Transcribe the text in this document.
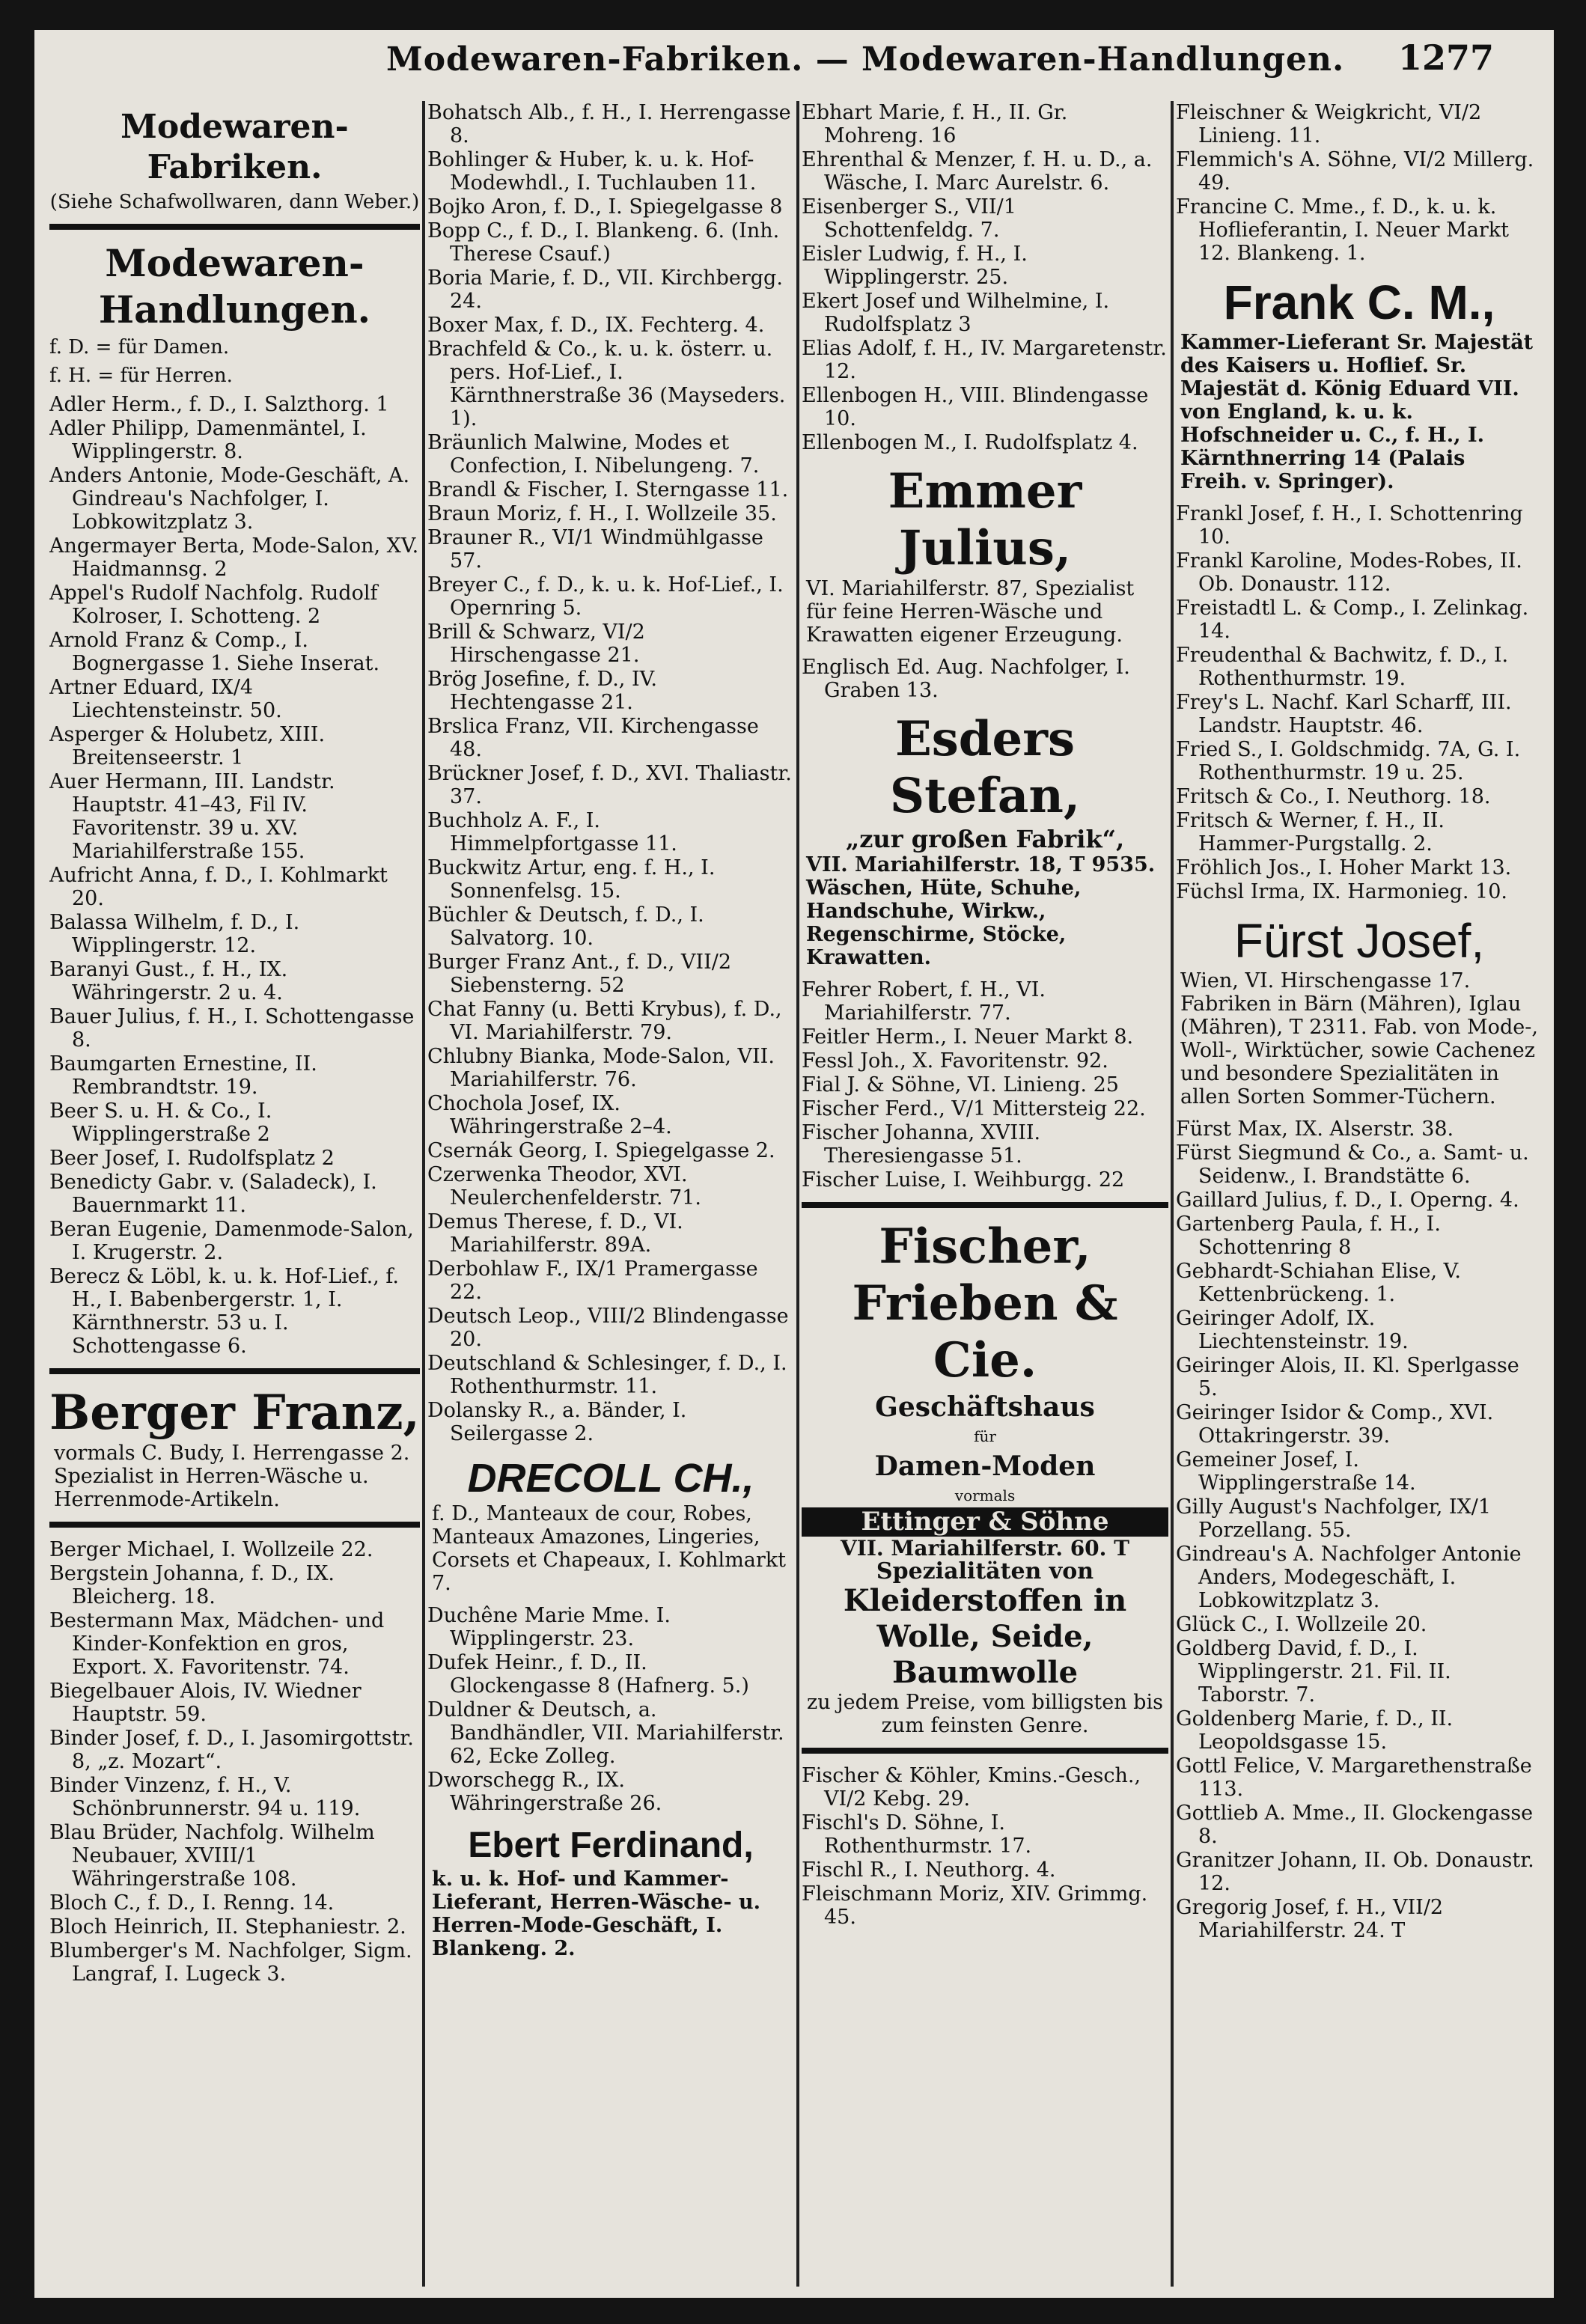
Modewaren-Fabriken. — Modewaren-Handlungen. 1277
Modewaren-Fabriken.
(Siehe Schafwollwaren, dann Weber.)
Modewaren-Handlungen.
f. D. = für Damen.
f. H. = für Herren.
Adler Herm., f. D., I. Salzthorg. 1
Adler Philipp, Damenmäntel, I. Wipplingerstr. 8.
Anders Antonie, Mode-Geschäft, A. Gindreau's Nachfolger, I. Lobkowitzplatz 3.
Angermayer Berta, Mode-Salon, XV. Haidmannsg. 2
Appel's Rudolf Nachfolg. Rudolf Kolroser, I. Schotteng. 2
Arnold Franz & Comp., I. Bognergasse 1. Siehe Inserat.
Artner Eduard, IX/4 Liechtensteinstr. 50.
Asperger & Holubetz, XIII. Breitenseerstr. 1
Auer Hermann, III. Landstr. Hauptstr. 41–43, Fil IV. Favoritenstr. 39 u. XV. Mariahilferstraße 155.
Aufricht Anna, f. D., I. Kohlmarkt 20.
Balassa Wilhelm, f. D., I. Wipplingerstr. 12.
Baranyi Gust., f. H., IX. Währingerstr. 2 u. 4.
Bauer Julius, f. H., I. Schottengasse 8.
Baumgarten Ernestine, II. Rembrandtstr. 19.
Beer S. u. H. & Co., I. Wipplingerstraße 2
Beer Josef, I. Rudolfsplatz 2
Benedicty Gabr. v. (Saladeck), I. Bauernmarkt 11.
Beran Eugenie, Damenmode-Salon, I. Krugerstr. 2.
Berecz & Löbl, k. u. k. Hof-Lief., f. H., I. Babenbergerstr. 1, I. Kärnthnerstr. 53 u. I. Schottengasse 6.
Berger Franz,
vormals C. Budy, I. Herrengasse 2. Spezialist in Herren-Wäsche u. Herrenmode-Artikeln.
Berger Michael, I. Wollzeile 22.
Bergstein Johanna, f. D., IX. Bleicherg. 18.
Bestermann Max, Mädchen- und Kinder-Konfektion en gros, Export. X. Favoritenstr. 74.
Biegelbauer Alois, IV. Wiedner Hauptstr. 59.
Binder Josef, f. D., I. Jasomirgottstr. 8, „z. Mozart“.
Binder Vinzenz, f. H., V. Schönbrunnerstr. 94 u. 119.
Blau Brüder, Nachfolg. Wilhelm Neubauer, XVIII/1 Währingerstraße 108.
Bloch C., f. D., I. Renng. 14.
Bloch Heinrich, II. Stephaniestr. 2.
Blumberger's M. Nachfolger, Sigm. Langraf, I. Lugeck 3.
Bohatsch Alb., f. H., I. Herrengasse 8.
Bohlinger & Huber, k. u. k. Hof-Modewhdl., I. Tuchlauben 11.
Bojko Aron, f. D., I. Spiegelgasse 8
Bopp C., f. D., I. Blankeng. 6. (Inh. Therese Csauf.)
Boria Marie, f. D., VII. Kirchbergg. 24.
Boxer Max, f. D., IX. Fechterg. 4.
Brachfeld & Co., k. u. k. österr. u. pers. Hof-Lief., I. Kärnthnerstraße 36 (Mayseders. 1).
Bräunlich Malwine, Modes et Confection, I. Nibelungeng. 7.
Brandl & Fischer, I. Sterngasse 11.
Braun Moriz, f. H., I. Wollzeile 35.
Brauner R., VI/1 Windmühlgasse 57.
Breyer C., f. D., k. u. k. Hof-Lief., I. Opernring 5.
Brill & Schwarz, VI/2 Hirschengasse 21.
Brög Josefine, f. D., IV. Hechtengasse 21.
Brslica Franz, VII. Kirchengasse 48.
Brückner Josef, f. D., XVI. Thaliastr. 37.
Buchholz A. F., I. Himmelpfortgasse 11.
Buckwitz Artur, eng. f. H., I. Sonnenfelsg. 15.
Büchler & Deutsch, f. D., I. Salvatorg. 10.
Burger Franz Ant., f. D., VII/2 Siebensterng. 52
Chat Fanny (u. Betti Krybus), f. D., VI. Mariahilferstr. 79.
Chlubny Bianka, Mode-Salon, VII. Mariahilferstr. 76.
Chochola Josef, IX. Währingerstraße 2–4.
Csernák Georg, I. Spiegelgasse 2.
Czerwenka Theodor, XVI. Neulerchenfelderstr. 71.
Demus Therese, f. D., VI. Mariahilferstr. 89A.
Derbohlaw F., IX/1 Pramergasse 22.
Deutsch Leop., VIII/2 Blindengasse 20.
Deutschland & Schlesinger, f. D., I. Rothenthurmstr. 11.
Dolansky R., a. Bänder, I. Seilergasse 2.
DRECOLL CH.,
f. D., Manteaux de cour, Robes, Manteaux Amazones, Lingeries, Corsets et Chapeaux, I. Kohlmarkt 7.
Duchêne Marie Mme. I. Wipplingerstr. 23.
Dufek Heinr., f. D., II. Glockengasse 8 (Hafnerg. 5.)
Duldner & Deutsch, a. Bandhändler, VII. Mariahilferstr. 62, Ecke Zolleg.
Dworschegg R., IX. Währingerstraße 26.
Ebert Ferdinand,
k. u. k. Hof- und Kammer-Lieferant, Herren-Wäsche- u. Herren-Mode-Geschäft, I. Blankeng. 2.
Ebhart Marie, f. H., II. Gr. Mohreng. 16
Ehrenthal & Menzer, f. H. u. D., a. Wäsche, I. Marc Aurelstr. 6.
Eisenberger S., VII/1 Schottenfeldg. 7.
Eisler Ludwig, f. H., I. Wipplingerstr. 25.
Ekert Josef und Wilhelmine, I. Rudolfsplatz 3
Elias Adolf, f. H., IV. Margaretenstr. 12.
Ellenbogen H., VIII. Blindengasse 10.
Ellenbogen M., I. Rudolfsplatz 4.
Emmer Julius,
VI. Mariahilferstr. 87, Spezialist für feine Herren-Wäsche und Krawatten eigener Erzeugung.
Englisch Ed. Aug. Nachfolger, I. Graben 13.
Esders Stefan,
„zur großen Fabrik“,
VII. Mariahilferstr. 18, T 9535. Wäschen, Hüte, Schuhe, Handschuhe, Wirkw., Regenschirme, Stöcke, Krawatten.
Fehrer Robert, f. H., VI. Mariahilferstr. 77.
Feitler Herm., I. Neuer Markt 8.
Fessl Joh., X. Favoritenstr. 92.
Fial J. & Söhne, VI. Linieng. 25
Fischer Ferd., V/1 Mittersteig 22.
Fischer Johanna, XVIII. Theresiengasse 51.
Fischer Luise, I. Weihburgg. 22
Fischer,
Frieben & Cie.
Geschäftshaus
für
Damen-Moden
vormals
Ettinger & Söhne
VII. Mariahilferstr. 60. T
Spezialitäten von
Kleiderstoffen in Wolle, Seide, Baumwolle
zu jedem Preise, vom billigsten bis zum feinsten Genre.
Fischer & Köhler, Kmins.-Gesch., VI/2 Kebg. 29.
Fischl's D. Söhne, I. Rothenthurmstr. 17.
Fischl R., I. Neuthorg. 4.
Fleischmann Moriz, XIV. Grimmg. 45.
Fleischner & Weigkricht, VI/2 Linieng. 11.
Flemmich's A. Söhne, VI/2 Millerg. 49.
Francine C. Mme., f. D., k. u. k. Hoflieferantin, I. Neuer Markt 12. Blankeng. 1.
Frank C. M.,
Kammer-Lieferant Sr. Majestät des Kaisers u. Hoflief. Sr. Majestät d. König Eduard VII. von England, k. u. k. Hofschneider u. C., f. H., I. Kärnthnerring 14 (Palais Freih. v. Springer).
Frankl Josef, f. H., I. Schottenring 10.
Frankl Karoline, Modes-Robes, II. Ob. Donaustr. 112.
Freistadtl L. & Comp., I. Zelinkag. 14.
Freudenthal & Bachwitz, f. D., I. Rothenthurmstr. 19.
Frey's L. Nachf. Karl Scharff, III. Landstr. Hauptstr. 46.
Fried S., I. Goldschmidg. 7A, G. I. Rothenthurmstr. 19 u. 25.
Fritsch & Co., I. Neuthorg. 18.
Fritsch & Werner, f. H., II. Hammer-Purgstallg. 2.
Fröhlich Jos., I. Hoher Markt 13.
Füchsl Irma, IX. Harmonieg. 10.
Fürst Josef,
Wien, VI. Hirschengasse 17. Fabriken in Bärn (Mähren), Iglau (Mähren), T 2311. Fab. von Mode-, Woll-, Wirktücher, sowie Cachenez und besondere Spezialitäten in allen Sorten Sommer-Tüchern.
Fürst Max, IX. Alserstr. 38.
Fürst Siegmund & Co., a. Samt- u. Seidenw., I. Brandstätte 6.
Gaillard Julius, f. D., I. Operng. 4.
Gartenberg Paula, f. H., I. Schottenring 8
Gebhardt-Schiahan Elise, V. Kettenbrückeng. 1.
Geiringer Adolf, IX. Liechtensteinstr. 19.
Geiringer Alois, II. Kl. Sperlgasse 5.
Geiringer Isidor & Comp., XVI. Ottakringerstr. 39.
Gemeiner Josef, I. Wipplingerstraße 14.
Gilly August's Nachfolger, IX/1 Porzellang. 55.
Gindreau's A. Nachfolger Antonie Anders, Modegeschäft, I. Lobkowitzplatz 3.
Glück C., I. Wollzeile 20.
Goldberg David, f. D., I. Wipplingerstr. 21. Fil. II. Taborstr. 7.
Goldenberg Marie, f. D., II. Leopoldsgasse 15.
Gottl Felice, V. Margarethenstraße 113.
Gottlieb A. Mme., II. Glockengasse 8.
Granitzer Johann, II. Ob. Donaustr. 12.
Gregorig Josef, f. H., VII/2 Mariahilferstr. 24. T
